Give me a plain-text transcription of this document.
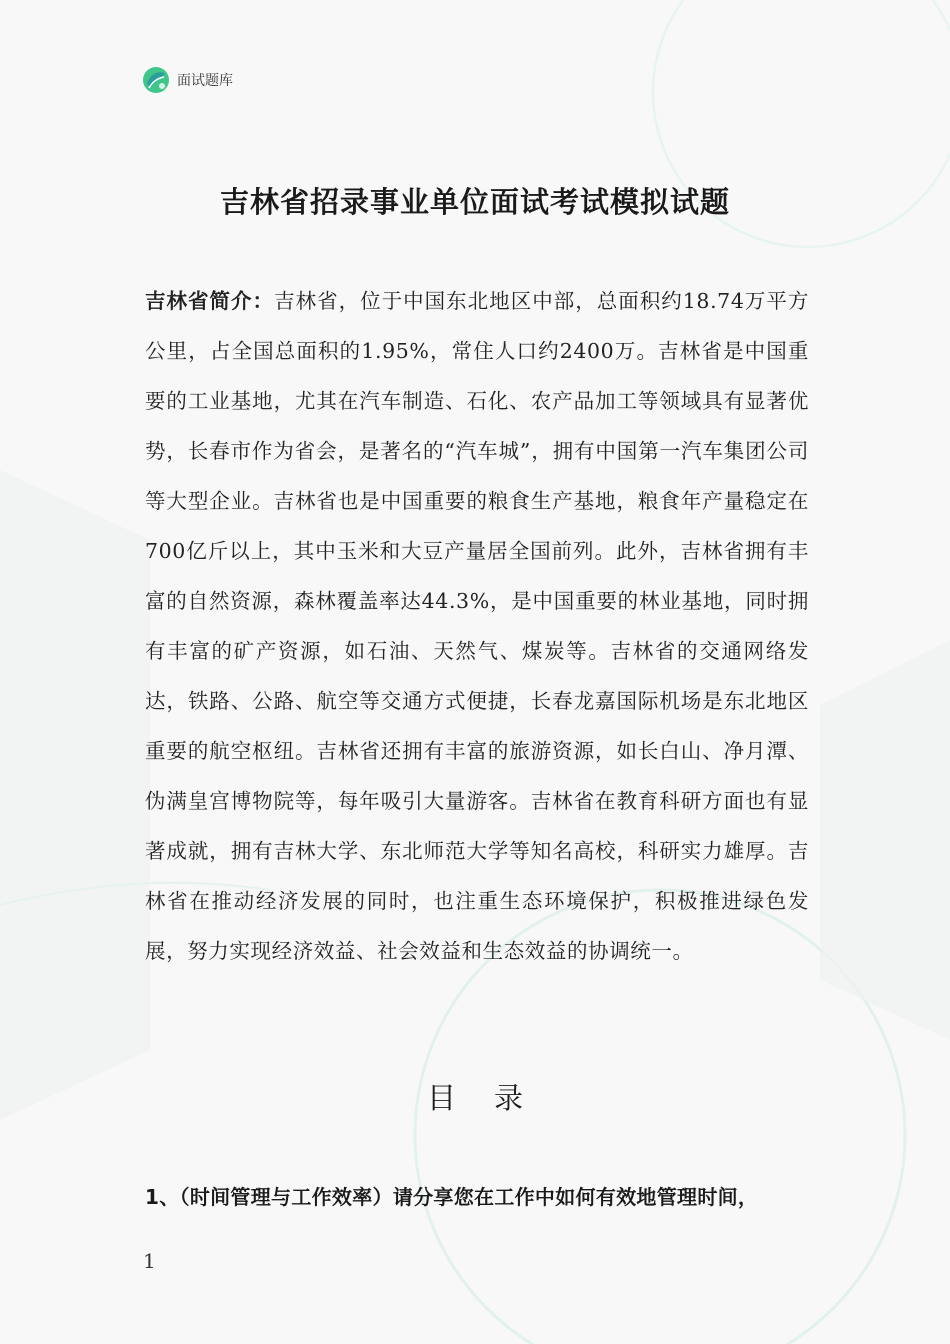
面试题库
吉林省招录事业单位面试考试模拟试题

吉林省简介：吉林省，位于中国东北地区中部，总面积约18.74万平方公里，占全国总面积的1.95%，常住人口约2400万。吉林省是中国重要的工业基地，尤其在汽车制造、石化、农产品加工等领域具有显著优势，长春市作为省会，是著名的“汽车城”，拥有中国第一汽车集团公司等大型企业。吉林省也是中国重要的粮食生产基地，粮食年产量稳定在700亿斤以上，其中玉米和大豆产量居全国前列。此外，吉林省拥有丰富的自然资源，森林覆盖率达44.3%，是中国重要的林业基地，同时拥有丰富的矿产资源，如石油、天然气、煤炭等。吉林省的交通网络发达，铁路、公路、航空等交通方式便捷，长春龙嘉国际机场是东北地区重要的航空枢纽。吉林省还拥有丰富的旅游资源，如长白山、净月潭、伪满皇宫博物院等，每年吸引大量游客。吉林省在教育科研方面也有显著成就，拥有吉林大学、东北师范大学等知名高校，科研实力雄厚。吉林省在推动经济发展的同时，也注重生态环境保护，积极推进绿色发展，努力实现经济效益、社会效益和生态效益的协调统一。

目录

1、（时间管理与工作效率）请分享您在工作中如何有效地管理时间，

1
